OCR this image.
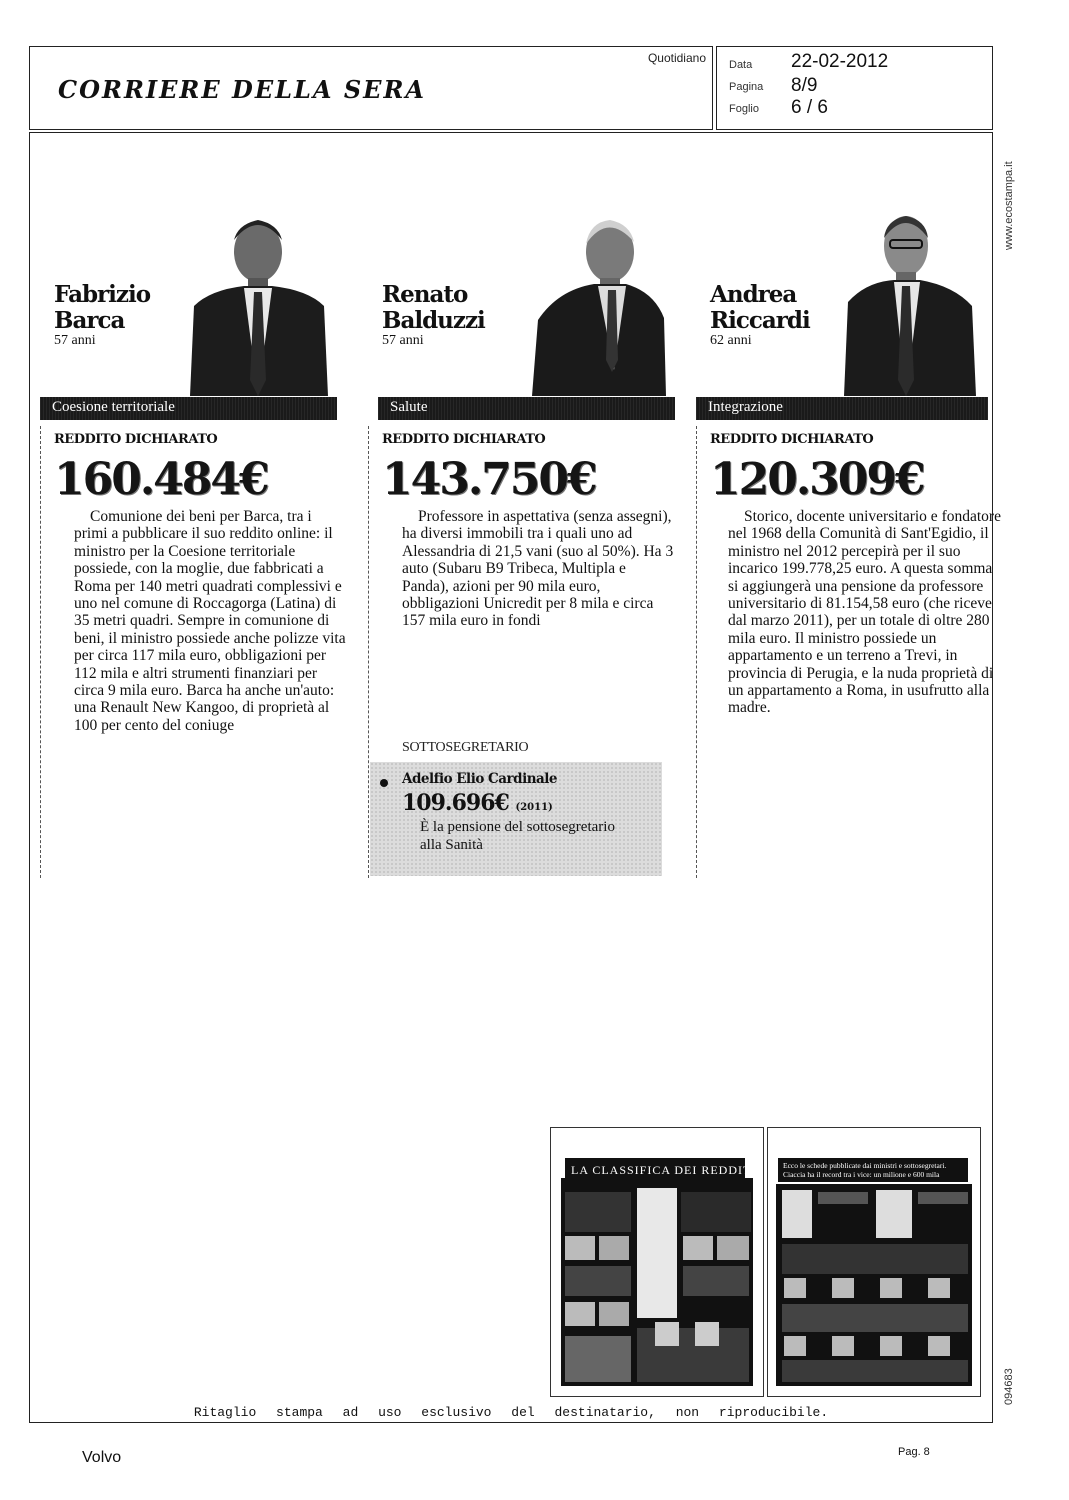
CORRIERE DELLA SERA
Quotidiano Data	22-02-2012
Pagina	8/9
Foglio	6 / 6
www.ecostampa.it
094683
Fabrizio
Barca
57 anni
Coesione territoriale
REDDITO DICHIARATO
160.484€
Comunione dei beni per Barca, tra i primi a pubblicare il suo reddito online: il ministro per la Coesione territoriale possiede, con la moglie, due fabbricati a Roma per 140 metri quadrati complessivi e uno nel comune di Roccagorga (Latina) di 35 metri quadri. Sempre in comunione di beni, il ministro possiede anche polizze vita per circa 117 mila euro, obbligazioni per 112 mila e altri strumenti finanziari per circa 9 mila euro. Barca ha anche un'auto: una Renault New Kangoo, di proprietà al 100 per cento del coniuge
Renato
Balduzzi
57 anni
Salute
REDDITO DICHIARATO
143.750€
Professore in aspettativa (senza assegni), ha diversi immobili tra i quali uno ad Alessandria di 21,5 vani (suo al 50%). Ha 3 auto (Subaru B9 Tribeca, Multipla e Panda), azioni per 90 mila euro, obbligazioni Unicredit per 8 mila e circa 157 mila euro in fondi
SOTTOSEGRETARIO
Adelfio Elio Cardinale
109.696€ (2011)
È la pensione del sottosegretario alla Sanità
Andrea
Riccardi
62 anni
Integrazione
REDDITO DICHIARATO
120.309€
Storico, docente universitario e fondatore nel 1968 della Comunità di Sant'Egidio, il ministro nel 2012 percepirà per il suo incarico 199.778,25 euro. A questa somma si aggiungerà una pensione da professore universitario di 81.154,58 euro (che riceve dal marzo 2011), per un totale di oltre 280 mila euro. Il ministro possiede un appartamento e un terreno a Trevi, in provincia di Perugia, e la nuda proprietà di un appartamento a Roma, in usufrutto alla madre.
LA CLASSIFICA DEI REDDITI	Ecco le schede pubblicate dai ministri e sottosegretari. Ciaccia ha il record tra i vice: un milione e 600 mila
Ritaglio stampa ad uso esclusivo del destinatario, non riproducibile.
Volvo	Pag. 8
